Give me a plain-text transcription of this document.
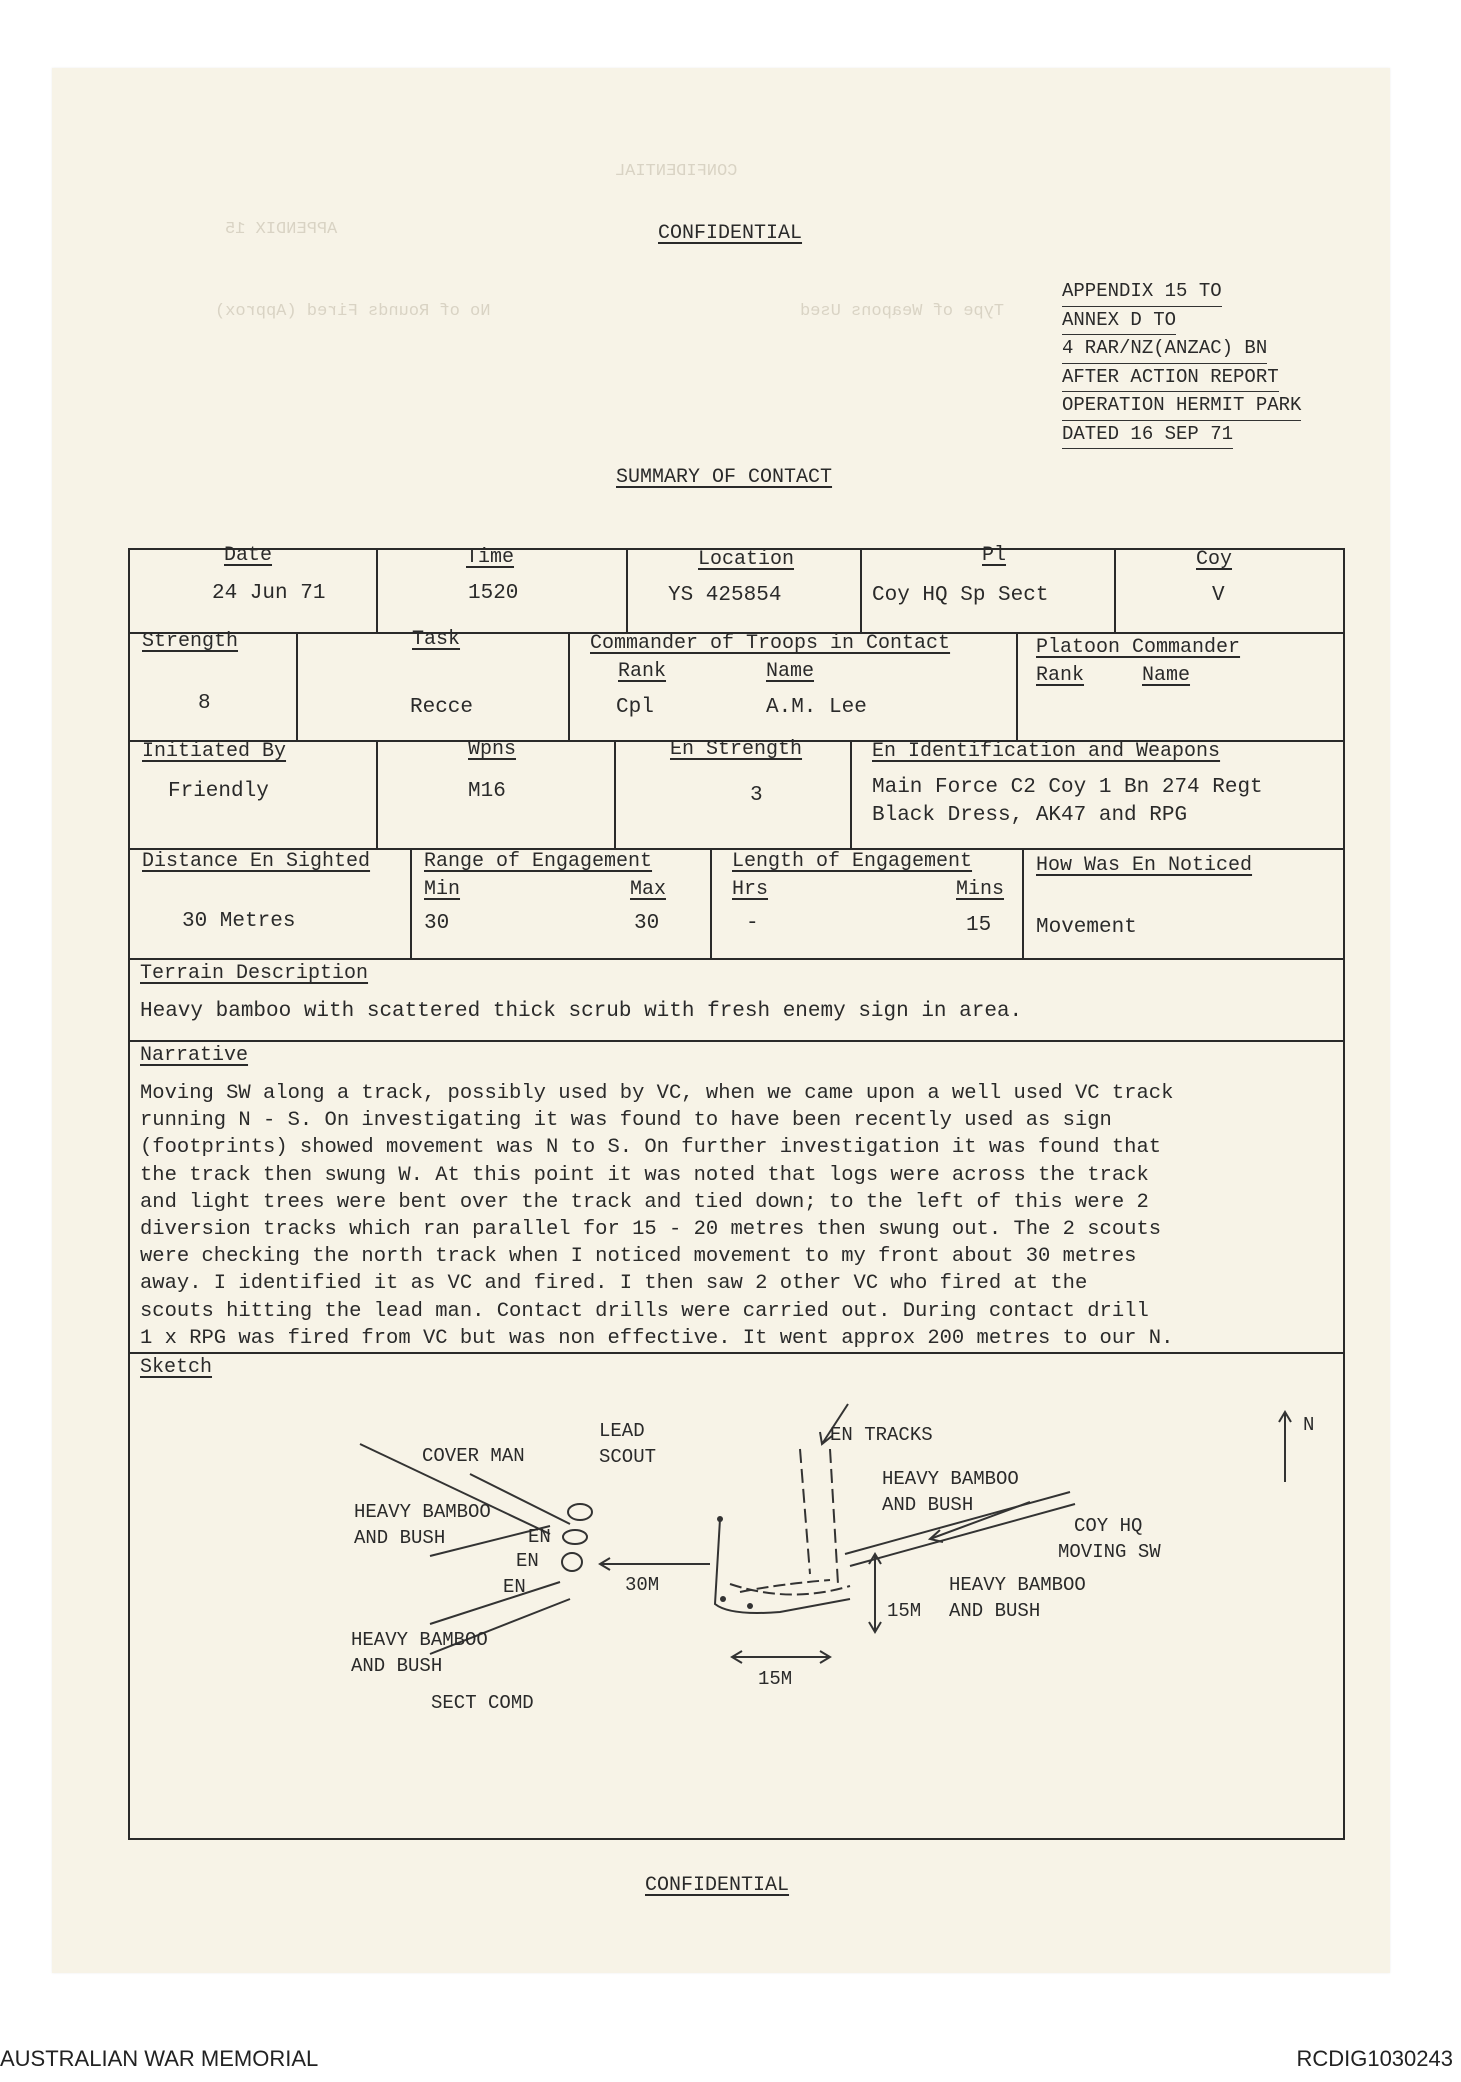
CONFIDENTIAL
APPENDIX 15
Type of Weapons Used
No of Rounds Fired (Approx)
CONFIDENTIAL
APPENDIX 15 TO
ANNEX D TO
4 RAR/NZ(ANZAC) BN
AFTER ACTION REPORT
OPERATION HERMIT PARK
DATED 16 SEP 71
SUMMARY OF CONTACT
Date
24 Jun 71
Time
1520
Location
YS 425854
Pl
Coy HQ Sp Sect
Coy
V
Strength
8
Task
Recce
Commander of Troops in Contact
Rank	Name
Cpl	A.M. Lee
Platoon Commander
Rank	Name
Initiated By
Friendly
Wpns
M16
En Strength
3
En Identification and Weapons
Main Force C2 Coy 1 Bn 274 Regt
Black Dress, AK47 and RPG
Distance En Sighted
30 Metres
Range of Engagement
Min	Max
30	30
Length of Engagement
Hrs	Mins
-	15
How Was En Noticed
Movement
Terrain Description
Heavy bamboo with scattered thick scrub with fresh enemy sign in area.
Narrative
Moving SW along a track, possibly used by VC, when we came upon a well used VC track
running N - S. On investigating it was found to have been recently used as sign
(footprints) showed movement was N to S. On further investigation it was found that
the track then swung W. At this point it was noted that logs were across the track
and light trees were bent over the track and tied down; to the left of this were 2
diversion tracks which ran parallel for 15 - 20 metres then swung out. The 2 scouts
were checking the north track when I noticed movement to my front about 30 metres
away. I identified it as VC and fired. I then saw 2 other VC who fired at the
scouts hitting the lead man. Contact drills were carried out. During contact drill
1 x RPG was fired from VC but was non effective. It went approx 200 metres to our N.
Sketch
COVER MAN
LEAD
SCOUT
EN TRACKS
HEAVY BAMBOO
AND BUSH
HEAVY BAMBOO
AND BUSH
COY HQ
MOVING SW
EN
EN
EN	30M	HEAVY BAMBOO
AND BUSH
15M
HEAVY BAMBOO
AND BUSH
15M
SECT COMD
N
CONFIDENTIAL
AUSTRALIAN WAR MEMORIAL	RCDIG1030243
